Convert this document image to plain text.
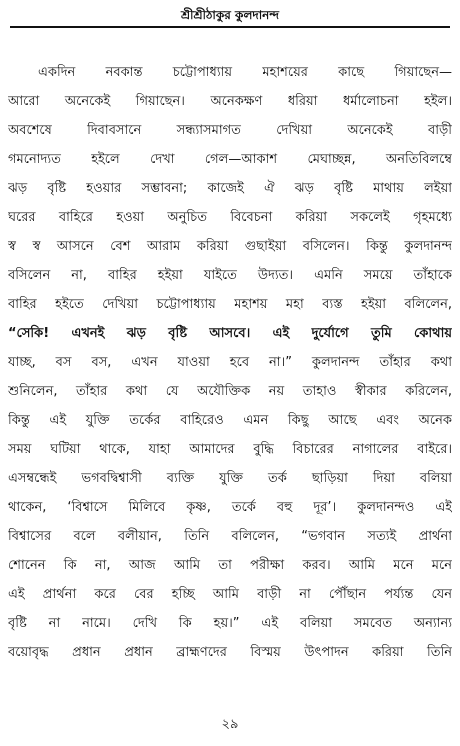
শ্রীশ্রীঠাকুর কুলদানন্দ
একদিন নবকান্ত চট্টোপাধ্যায় মহাশয়ের কাছে গিয়াছেন—
আরো অনেকেই গিয়াছেন। অনেকক্ষণ ধরিয়া ধর্মালোচনা হইল।
অবশেষে দিবাবসানে সন্ধ্যাসমাগত দেখিয়া অনেকেই বাড়ী
গমনোদ্যত হইলে দেখা গেল—আকাশ মেঘাচ্ছন্ন, অনতিবিলম্বে
ঝড় বৃষ্টি হওয়ার সম্ভাবনা; কাজেই ঐ ঝড় বৃষ্টি মাথায় লইয়া
ঘরের বাহিরে হওয়া অনুচিত বিবেচনা করিয়া সকলেই গৃহমধ্যে
স্ব স্ব আসনে বেশ আরাম করিয়া গুছাইয়া বসিলেন। কিন্তু কুলদানন্দ
বসিলেন না, বাহির হইয়া যাইতে উদ্যত। এমনি সময়ে তাঁহাকে
বাহির হইতে দেখিয়া চট্টোপাধ্যায় মহাশয় মহা ব্যস্ত হইয়া বলিলেন,
“সেকি! এখনই ঝড় বৃষ্টি আসবে। এই দুর্যোগে তুমি কোথায়
যাচ্ছ, বস বস, এখন যাওয়া হবে না।” কুলদানন্দ তাঁহার কথা
শুনিলেন, তাঁহার কথা যে অযৌক্তিক নয় তাহাও স্বীকার করিলেন,
কিন্তু এই যুক্তি তর্কের বাহিরেও এমন কিছু আছে এবং অনেক
সময় ঘটিয়া থাকে, যাহা আমাদের বুদ্ধি বিচারের নাগালের বাইরে।
এসম্বন্ধেই ভগবদ্বিশ্বাসী ব্যক্তি যুক্তি তর্ক ছাড়িয়া দিয়া বলিয়া
থাকেন, ‘বিশ্বাসে মিলিবে কৃষ্ণ, তর্কে বহু দূর’। কুলদানন্দও এই
বিশ্বাসের বলে বলীয়ান, তিনি বলিলেন, “ভগবান সত্যই প্রার্থনা
শোনেন কি না, আজ আমি তা পরীক্ষা করব। আমি মনে মনে
এই প্রার্থনা করে বের হচ্ছি আমি বাড়ী না পৌঁছান পর্য্যন্ত যেন
বৃষ্টি না নামে। দেখি কি হয়।” এই বলিয়া সমবেত অন্যান্য
বয়োবৃদ্ধ প্রধান প্রধান ব্রাহ্মণদের বিস্ময় উৎপাদন করিয়া তিনি
২৯
